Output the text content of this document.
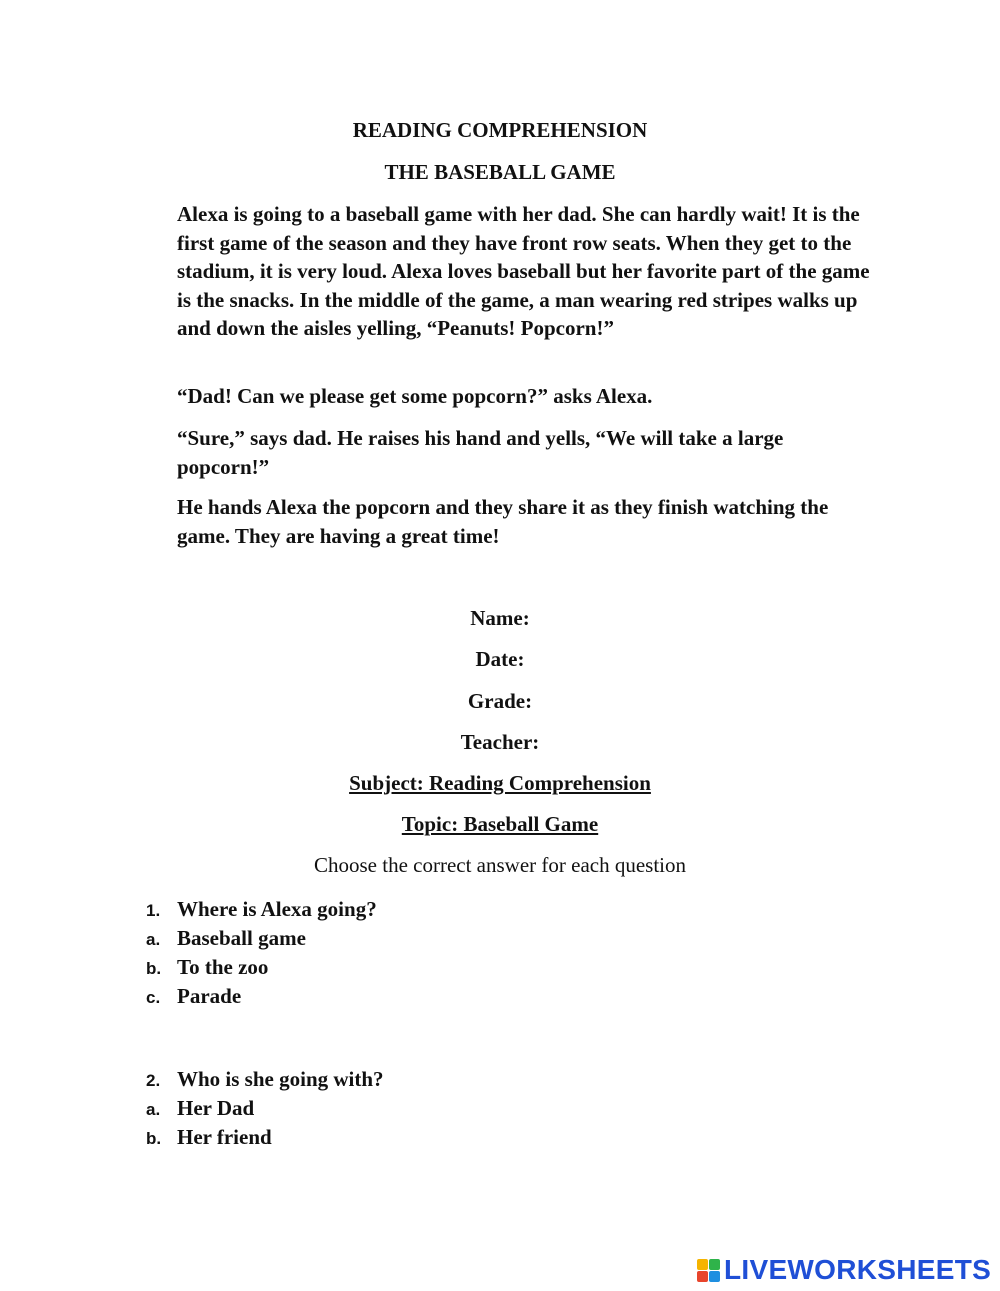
READING COMPREHENSION
THE BASEBALL GAME

Alexa is going to a baseball game with her dad. She can hardly wait! It is the first game of the season and they have front row seats. When they get to the stadium, it is very loud. Alexa loves baseball but her favorite part of the game is the snacks. In the middle of the game, a man wearing red stripes walks up and down the aisles yelling, “Peanuts! Popcorn!”

“Dad! Can we please get some popcorn?” asks Alexa.

“Sure,” says dad. He raises his hand and yells, “We will take a large popcorn!”

He hands Alexa the popcorn and they share it as they finish watching the game. They are having a great time!

Name:
Date:
Grade:
Teacher:
Subject: Reading Comprehension
Topic: Baseball Game
Choose the correct answer for each question
1. Where is Alexa going?
a. Baseball game
b. To the zoo
c. Parade
2. Who is she going with?
a. Her Dad
b. Her friend
LIVEWORKSHEETS
